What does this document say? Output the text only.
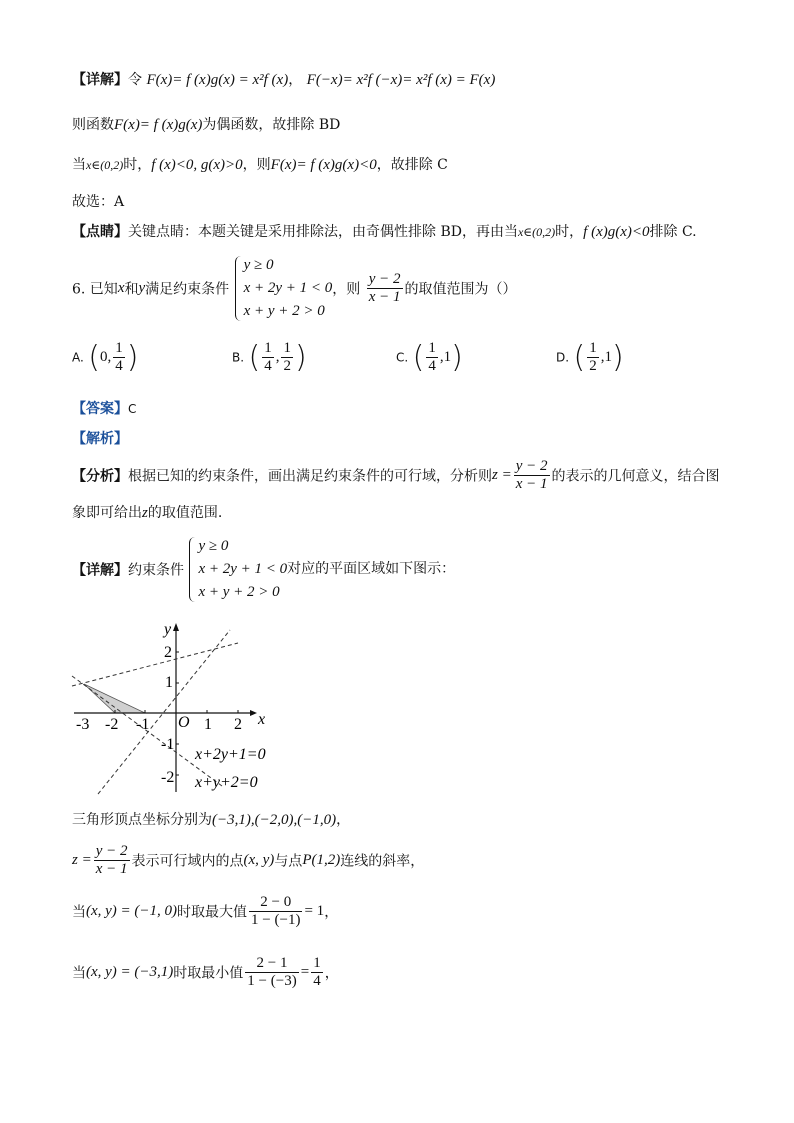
【详解】令 F(x)= f (x)g(x) = x²f (x)， F(−x)= x²f (−x)= x²f (x) = F(x)
则函数F(x)= f (x)g(x)为偶函数，故排除 BD
当x∈(0,2)时，f (x)<0, g(x)>0，则F(x)= f (x)g(x)<0，故排除 C
故选：A
【点睛】关键点睛：本题关键是采用排除法，由奇偶性排除 BD，再由当x∈(0,2)时，f (x)g(x)<0排除 C.
6. 已知x和y满足约束条件
y ≥ 0
x + 2y + 1 < 0
x + y + 2 > 0
，则 $\frac{y - 2}{x - 1}$ 的取值范围为（）
A. (0, $\frac{1}{4}$ )	B. ( $\frac{1}{4}$ , $\frac{1}{2}$ )	C. ( $\frac{1}{4} ,1$)	D. ( $\frac{1}{2} ,1$)
【答案】C
【解析】
【分析】根据已知的约束条件，画出满足约束条件的可行域，分析则$z = \frac{y - 2}{x - 1}$ 的表示的几何意义，结合图
象即可给出z的取值范围.
【详解】约束条件
y ≥ 0
x + 2y + 1 < 0对应的平面区域如下图示：
x + y + 2 > 0
x
y
O
-3 -2 -1	1 2
2
1
-1
-2
x+2y+1=0
x+y+2=0
三角形顶点坐标分别为(−3,1),(−2,0),(−1,0)，
$z = \frac{y - 2}{x - 1}$ 表示可行域内的点(x, y)与点P(1,2)连线的斜率，
当(x, y) = (−1, 0)时取最大值 $\frac{2 - 0}{1 - (-1)} = 1$，
当(x, y) = (−3,1)时取最小值 $\frac{2 - 1}{1 - (-3)} = \frac{1}{4}$ ，
